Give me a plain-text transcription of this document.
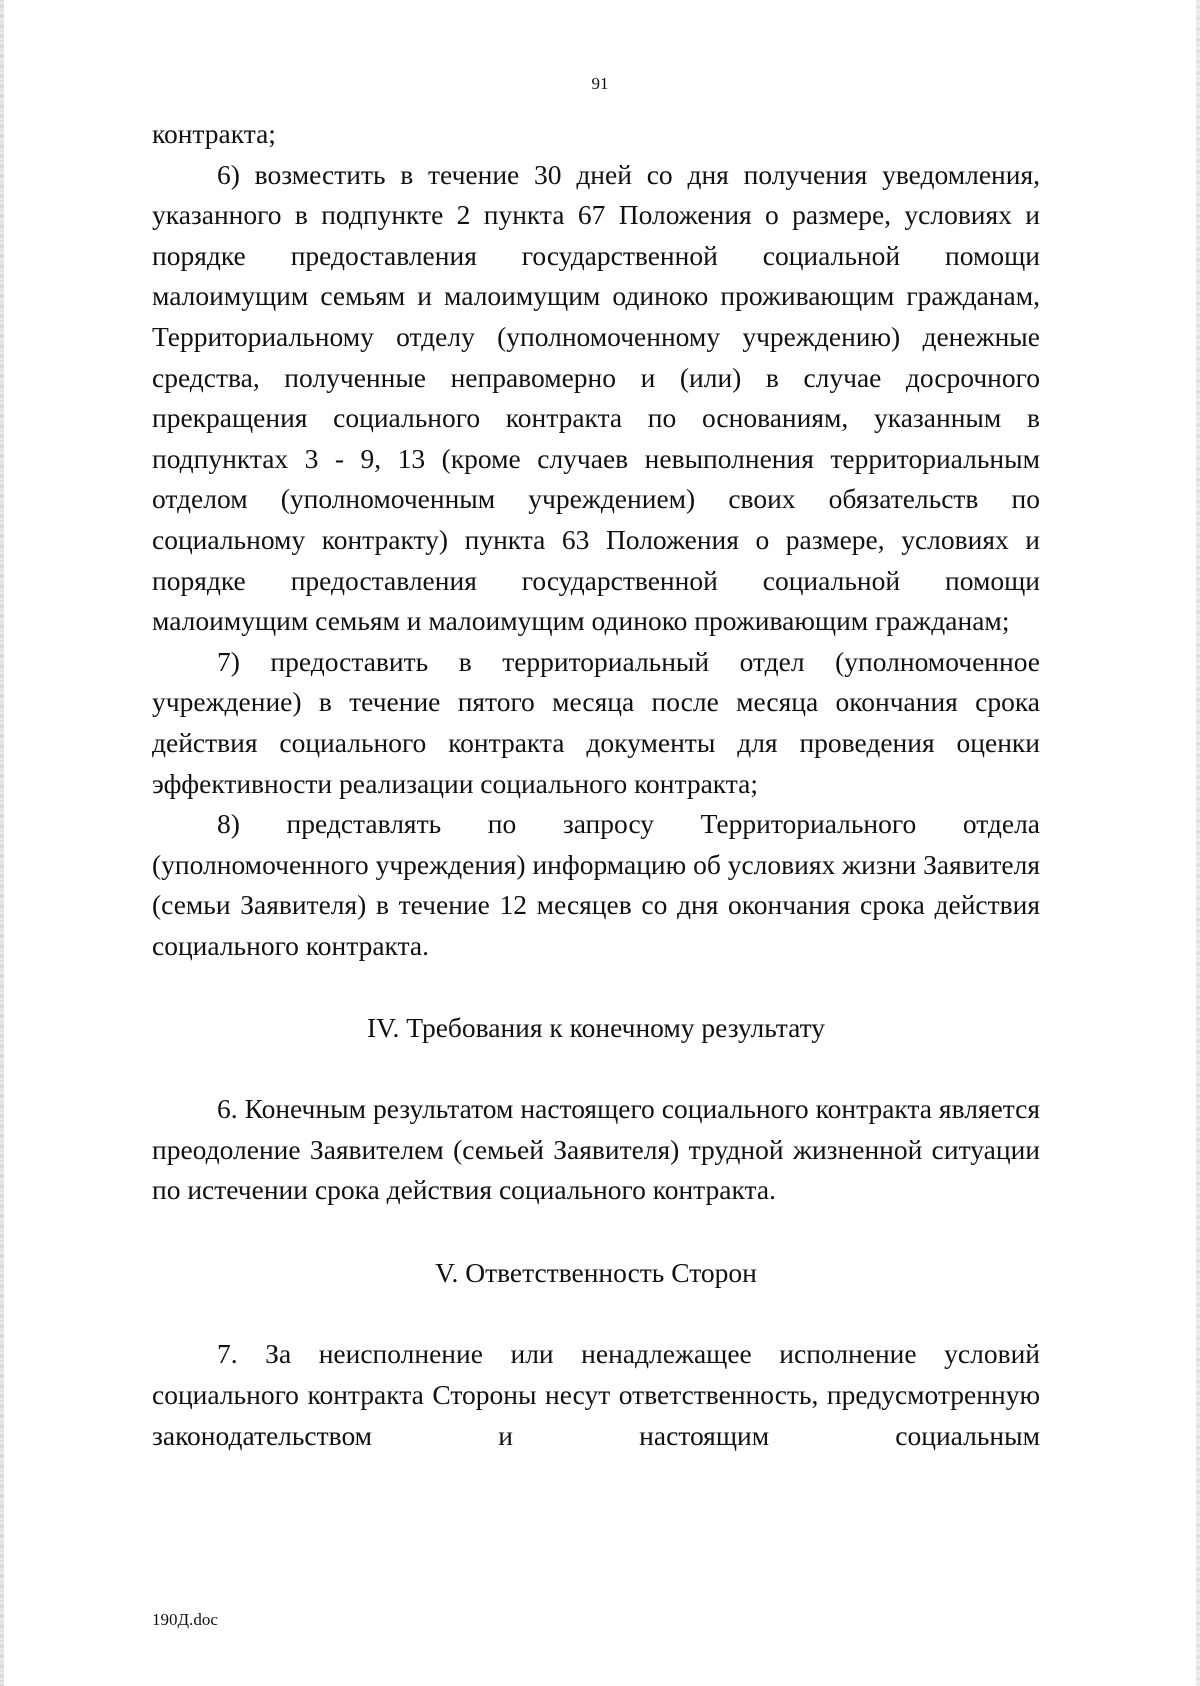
91

контракта;

6) возместить в течение 30 дней со дня получения уведомления, указанного в подпункте 2 пункта 67 Положения о размере, условиях и порядке предоставления государственной социальной помощи малоимущим семьям и малоимущим одиноко проживающим гражданам, Территориальному отделу (уполномоченному учреждению) денежные средства, полученные неправомерно и (или) в случае досрочного прекращения социального контракта по основаниям, указанным в подпунктах 3 - 9, 13 (кроме случаев невыполнения территориальным отделом (уполномоченным учреждением) своих обязательств по социальному контракту) пункта 63 Положения о размере, условиях и порядке предоставления государственной социальной помощи малоимущим семьям и малоимущим одиноко проживающим гражданам;

7) предоставить в территориальный отдел (уполномоченное учреждение) в течение пятого месяца после месяца окончания срока действия социального контракта документы для проведения оценки эффективности реализации социального контракта;

8) представлять по запросу Территориального отдела (уполномоченного учреждения) информацию об условиях жизни Заявителя (семьи Заявителя) в течение 12 месяцев со дня окончания срока действия социального контракта.

IV. Требования к конечному результату

6. Конечным результатом настоящего социального контракта является преодоление Заявителем (семьей Заявителя) трудной жизненной ситуации по истечении срока действия социального контракта.

V. Ответственность Сторон

7. За неисполнение или ненадлежащее исполнение условий социального контракта Стороны несут ответственность, предусмотренную законодательством и настоящим социальным

190Д.doc
